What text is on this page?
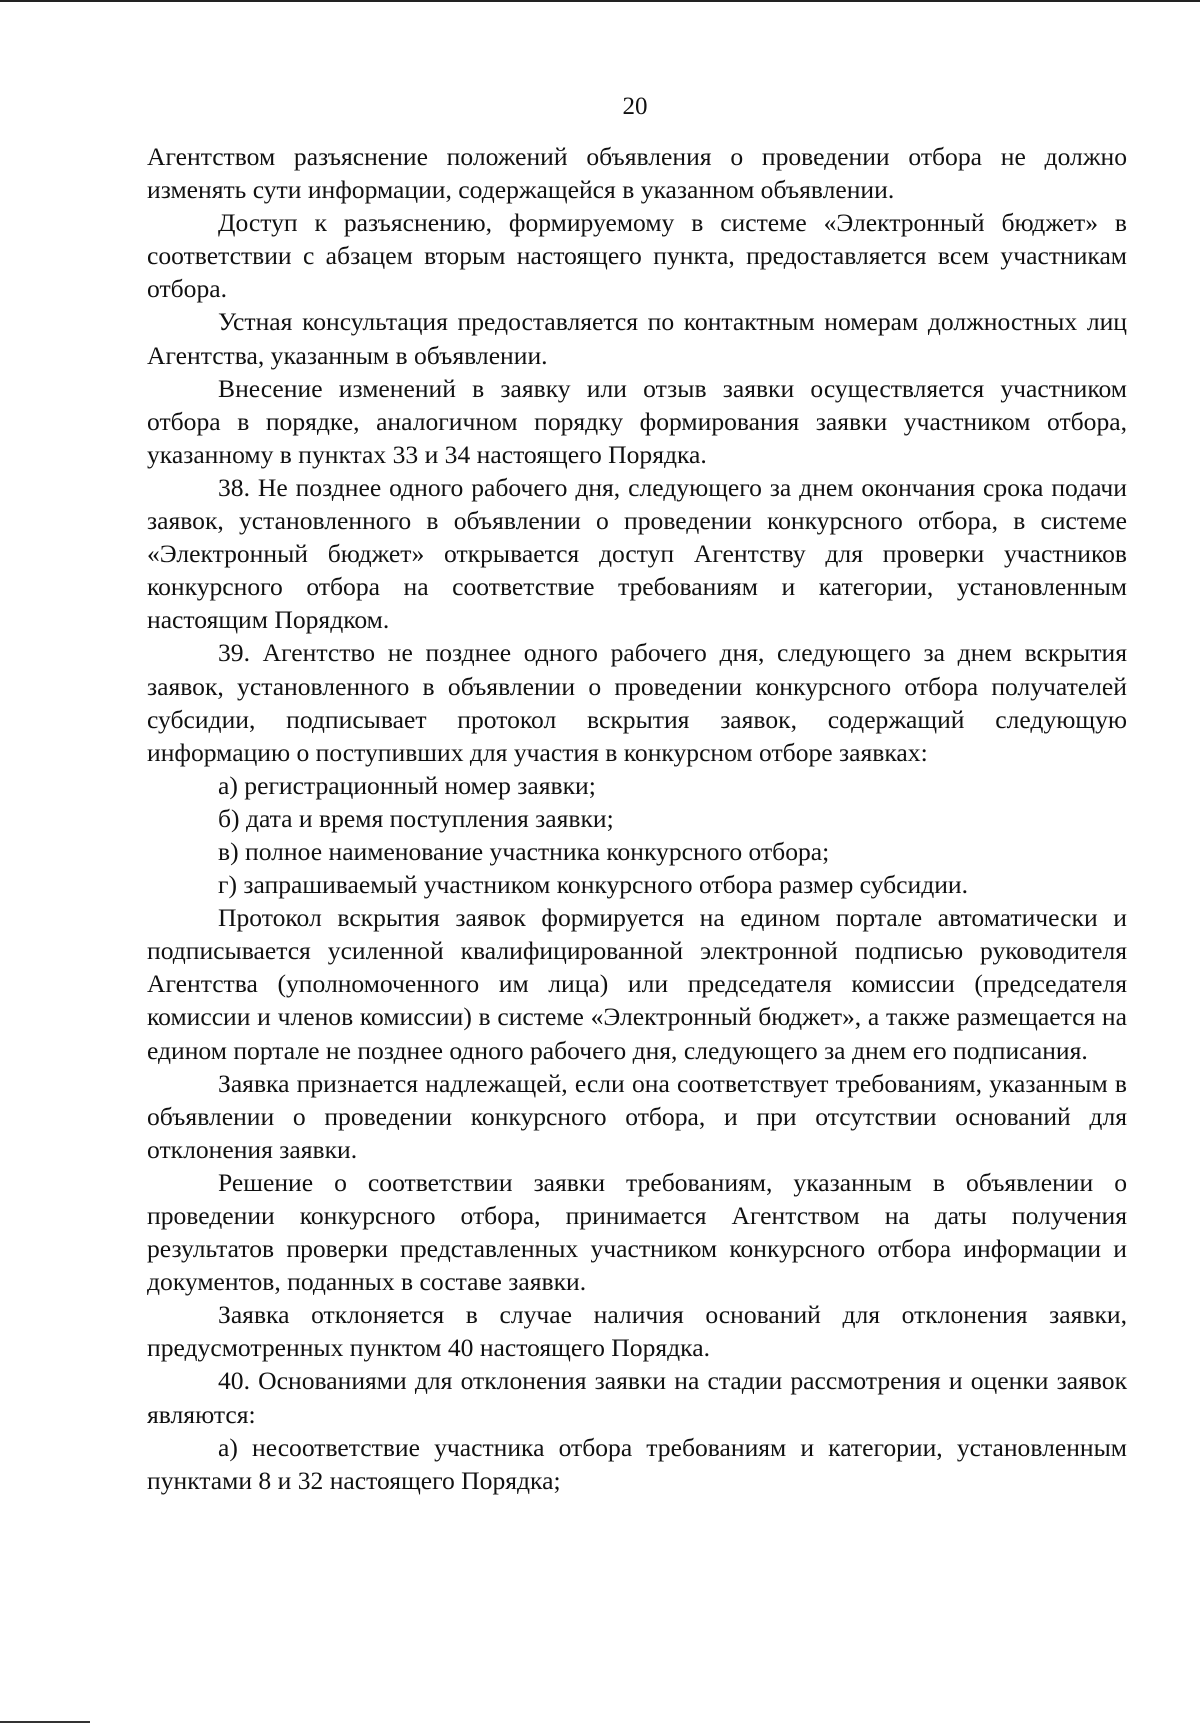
20

Агентством разъяснение положений объявления о проведении отбора не должно изменять сути информации, содержащейся в указанном объявлении.

Доступ к разъяснению, формируемому в системе «Электронный бюджет» в соответствии с абзацем вторым настоящего пункта, предоставляется всем участникам отбора.

Устная консультация предоставляется по контактным номерам должностных лиц Агентства, указанным в объявлении.

Внесение изменений в заявку или отзыв заявки осуществляется участником отбора в порядке, аналогичном порядку формирования заявки участником отбора, указанному в пунктах 33 и 34 настоящего Порядка.

38. Не позднее одного рабочего дня, следующего за днем окончания срока подачи заявок, установленного в объявлении о проведении конкурсного отбора, в системе «Электронный бюджет» открывается доступ Агентству для проверки участников конкурсного отбора на соответствие требованиям и категории, установленным настоящим Порядком.

39. Агентство не позднее одного рабочего дня, следующего за днем вскрытия заявок, установленного в объявлении о проведении конкурсного отбора получателей субсидии, подписывает протокол вскрытия заявок, содержащий следующую информацию о поступивших для участия в конкурсном отборе заявках:

а) регистрационный номер заявки;

б) дата и время поступления заявки;

в) полное наименование участника конкурсного отбора;

г) запрашиваемый участником конкурсного отбора размер субсидии.

Протокол вскрытия заявок формируется на едином портале автоматически и подписывается усиленной квалифицированной электронной подписью руководителя Агентства (уполномоченного им лица) или председателя комиссии (председателя комиссии и членов комиссии) в системе «Электронный бюджет», а также размещается на едином портале не позднее одного рабочего дня, следующего за днем его подписания.

Заявка признается надлежащей, если она соответствует требованиям, указанным в объявлении о проведении конкурсного отбора, и при отсутствии оснований для отклонения заявки.

Решение о соответствии заявки требованиям, указанным в объявлении о проведении конкурсного отбора, принимается Агентством на даты получения результатов проверки представленных участником конкурсного отбора информации и документов, поданных в составе заявки.

Заявка отклоняется в случае наличия оснований для отклонения заявки, предусмотренных пунктом 40 настоящего Порядка.

40. Основаниями для отклонения заявки на стадии рассмотрения и оценки заявок являются:

а) несоответствие участника отбора требованиям и категории, установленным пунктами 8 и 32 настоящего Порядка;
